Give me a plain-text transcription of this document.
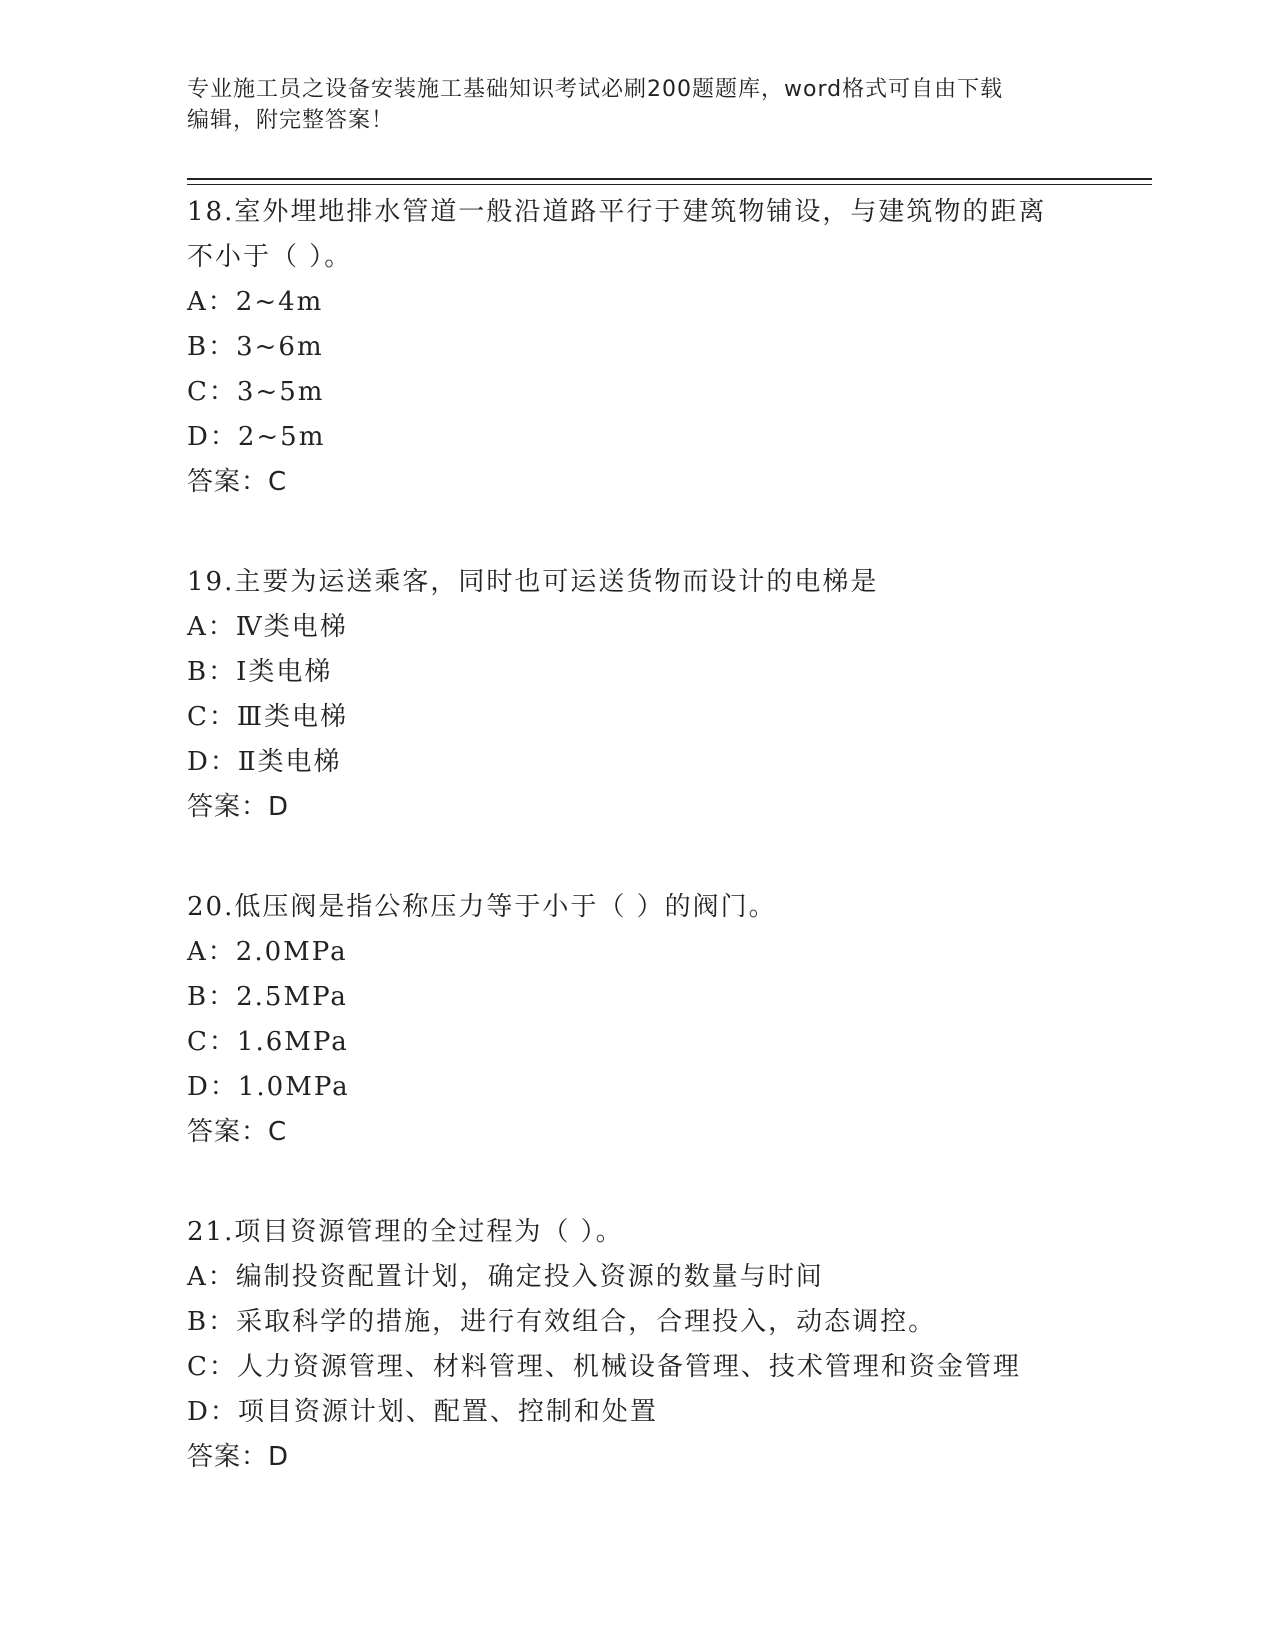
专业施工员之设备安装施工基础知识考试必刷200题题库，word格式可自由下载
编辑，附完整答案！
18.室外埋地排水管道一般沿道路平行于建筑物铺设，与建筑物的距离
不小于（ ）。
A：2~4m
B：3~6m
C：3~5m
D：2~5m
答案：C
19.主要为运送乘客，同时也可运送货物而设计的电梯是
A：Ⅳ类电梯
B：Ⅰ类电梯
C：Ⅲ类电梯
D：Ⅱ类电梯
答案：D
20.低压阀是指公称压力等于小于（ ）的阀门。
A：2.0MPa
B：2.5MPa
C：1.6MPa
D：1.0MPa
答案：C
21.项目资源管理的全过程为（ ）。
A：编制投资配置计划，确定投入资源的数量与时间
B：采取科学的措施，进行有效组合，合理投入，动态调控。
C：人力资源管理、材料管理、机械设备管理、技术管理和资金管理
D：项目资源计划、配置、控制和处置
答案：D
